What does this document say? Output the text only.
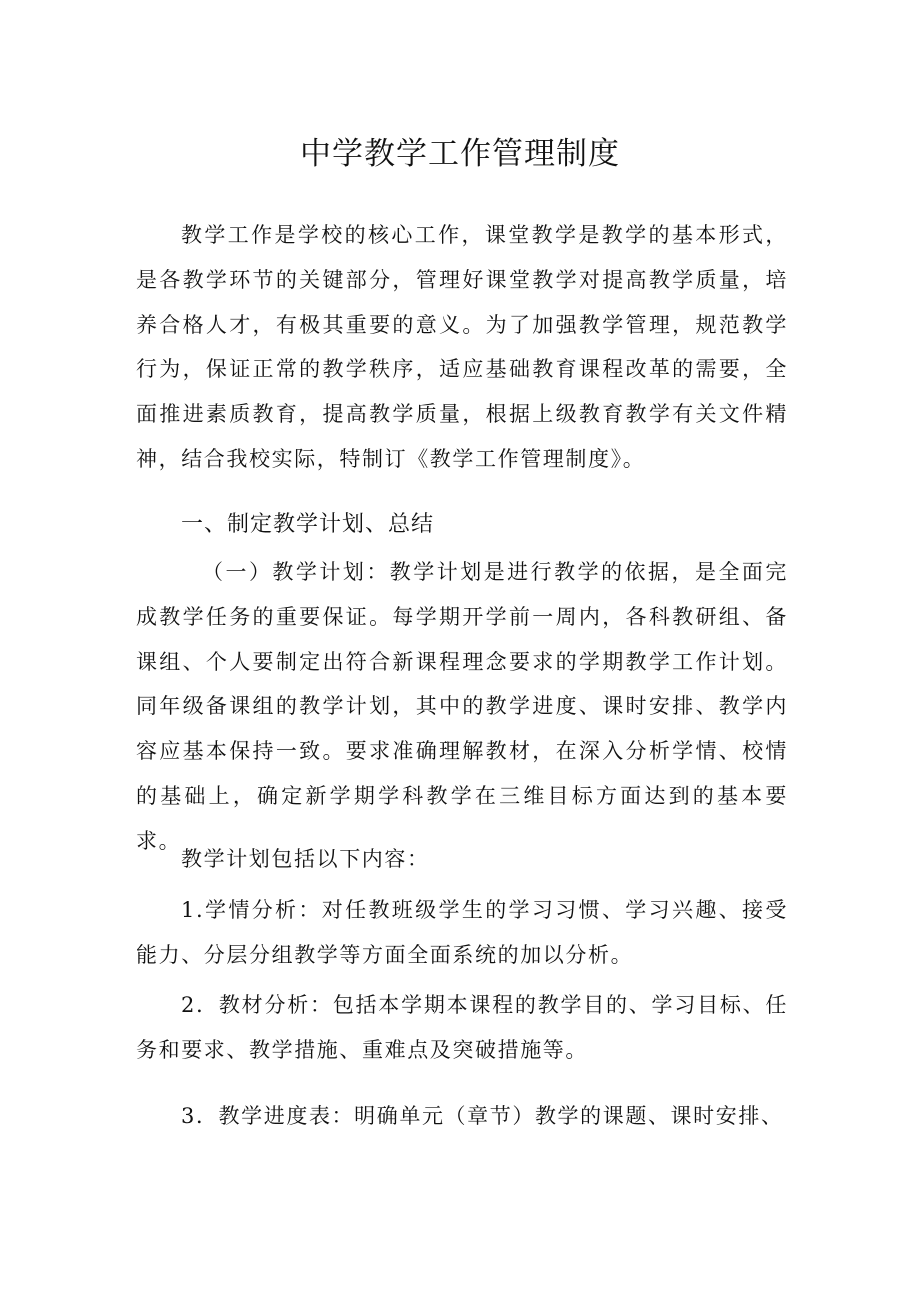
中学教学工作管理制度

教学工作是学校的核心工作，课堂教学是教学的基本形式，是各教学环节的关键部分，管理好课堂教学对提高教学质量，培养合格人才，有极其重要的意义。为了加强教学管理，规范教学行为，保证正常的教学秩序，适应基础教育课程改革的需要，全面推进素质教育，提高教学质量，根据上级教育教学有关文件精神，结合我校实际，特制订《教学工作管理制度》。

一、制定教学计划、总结

（一）教学计划：教学计划是进行教学的依据，是全面完成教学任务的重要保证。每学期开学前一周内，各科教研组、备课组、个人要制定出符合新课程理念要求的学期教学工作计划。同年级备课组的教学计划，其中的教学进度、课时安排、教学内容应基本保持一致。要求准确理解教材，在深入分析学情、校情的基础上，确定新学期学科教学在三维目标方面达到的基本要求。

教学计划包括以下内容：

1.学情分析：对任教班级学生的学习习惯、学习兴趣、接受能力、分层分组教学等方面全面系统的加以分析。

2．教材分析：包括本学期本课程的教学目的、学习目标、任务和要求、教学措施、重难点及突破措施等。

3．教学进度表：明确单元（章节）教学的课题、课时安排、
